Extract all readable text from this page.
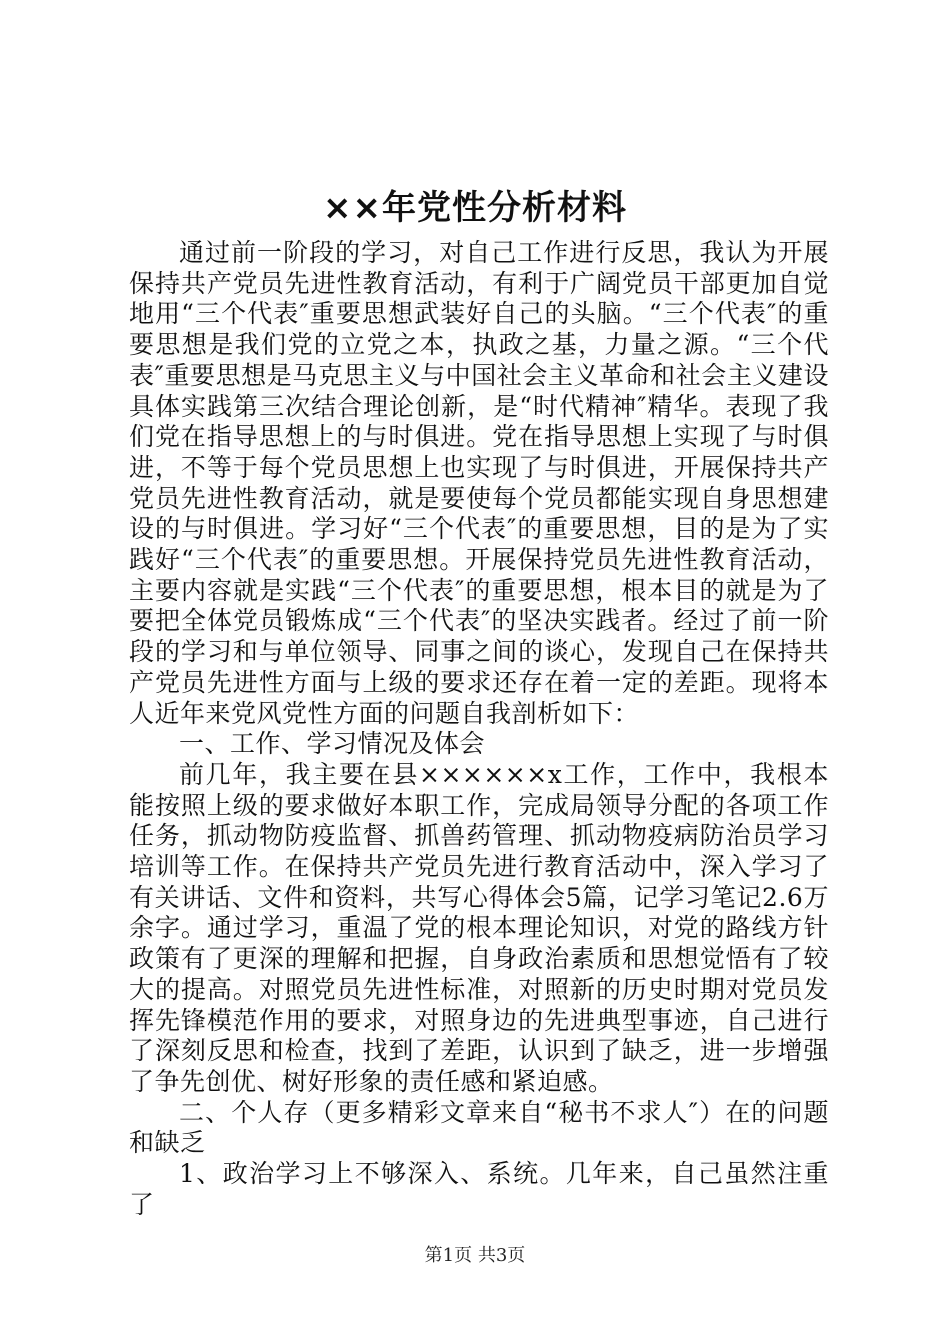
××年党性分析材料

通过前一阶段的学习，对自己工作进行反思，我认为开展保持共产党员先进性教育活动，有利于广阔党员干部更加自觉地用“三个代表″重要思想武装好自己的头脑。“三个代表″的重要思想是我们党的立党之本，执政之基，力量之源。“三个代表″重要思想是马克思主义与中国社会主义革命和社会主义建设具体实践第三次结合理论创新，是“时代精神″精华。表现了我们党在指导思想上的与时俱进。党在指导思想上实现了与时俱进，不等于每个党员思想上也实现了与时俱进，开展保持共产党员先进性教育活动，就是要使每个党员都能实现自身思想建设的与时俱进。学习好“三个代表″的重要思想，目的是为了实践好“三个代表″的重要思想。开展保持党员先进性教育活动，主要内容就是实践“三个代表″的重要思想，根本目的就是为了要把全体党员锻炼成“三个代表″的坚决实践者。经过了前一阶段的学习和与单位领导、同事之间的谈心，发现自己在保持共产党员先进性方面与上级的要求还存在着一定的差距。现将本人近年来党风党性方面的问题自我剖析如下：

一、工作、学习情况及体会

前几年，我主要在县××××××x工作，工作中，我根本能按照上级的要求做好本职工作，完成局领导分配的各项工作任务，抓动物防疫监督、抓兽药管理、抓动物疫病防治员学习培训等工作。在保持共产党员先进行教育活动中，深入学习了有关讲话、文件和资料，共写心得体会5篇，记学习笔记2.6万余字。通过学习，重温了党的根本理论知识，对党的路线方针政策有了更深的理解和把握，自身政治素质和思想觉悟有了较大的提高。对照党员先进性标准，对照新的历史时期对党员发挥先锋模范作用的要求，对照身边的先进典型事迹，自己进行了深刻反思和检查，找到了差距，认识到了缺乏，进一步增强了争先创优、树好形象的责任感和紧迫感。

二、个人存（更多精彩文章来自“秘书不求人″）在的问题和缺乏

1、政治学习上不够深入、系统。几年来，自己虽然注重了

第1页 共3页
